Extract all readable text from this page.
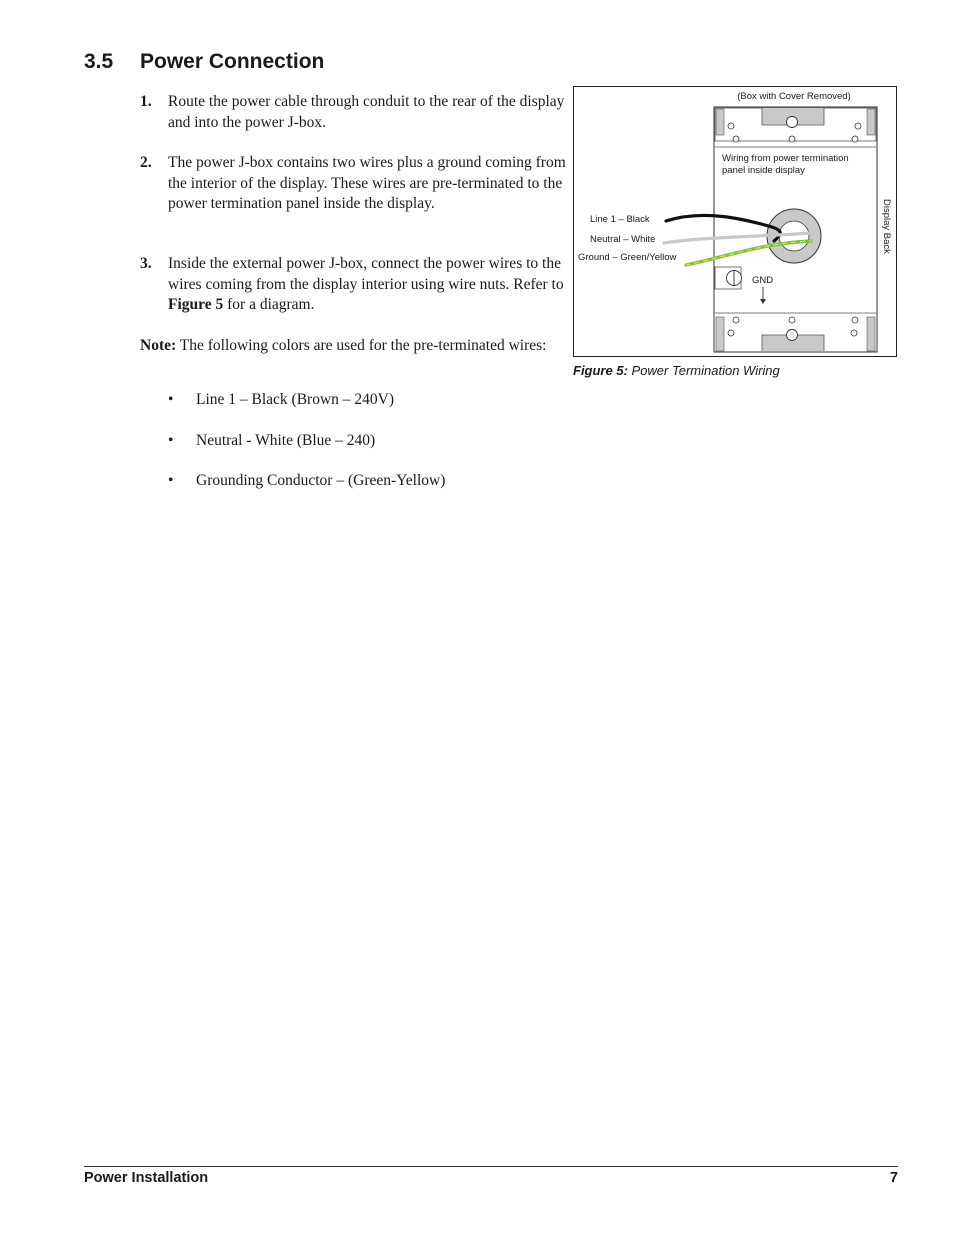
3.5 Power Connection
1. Route the power cable through conduit to the rear of the display and into the power J-box.
2. The power J-box contains two wires plus a ground coming from the interior of the display. These wires are pre-terminated to the power termination panel inside the display.
3. Inside the external power J-box, connect the power wires to the wires coming from the display interior using wire nuts. Refer to Figure 5 for a diagram.
Note: The following colors are used for the pre-terminated wires:
• Line 1 – Black (Brown – 240V)
• Neutral - White (Blue – 240)
• Grounding Conductor – (Green-Yellow)
(Box with Cover Removed)
Wiring from power termination
panel inside display
Display Back
Line 1 – Black
Neutral – White
Ground – Green/Yellow
GND
Figure 5: Power Termination Wiring
Power Installation	7
